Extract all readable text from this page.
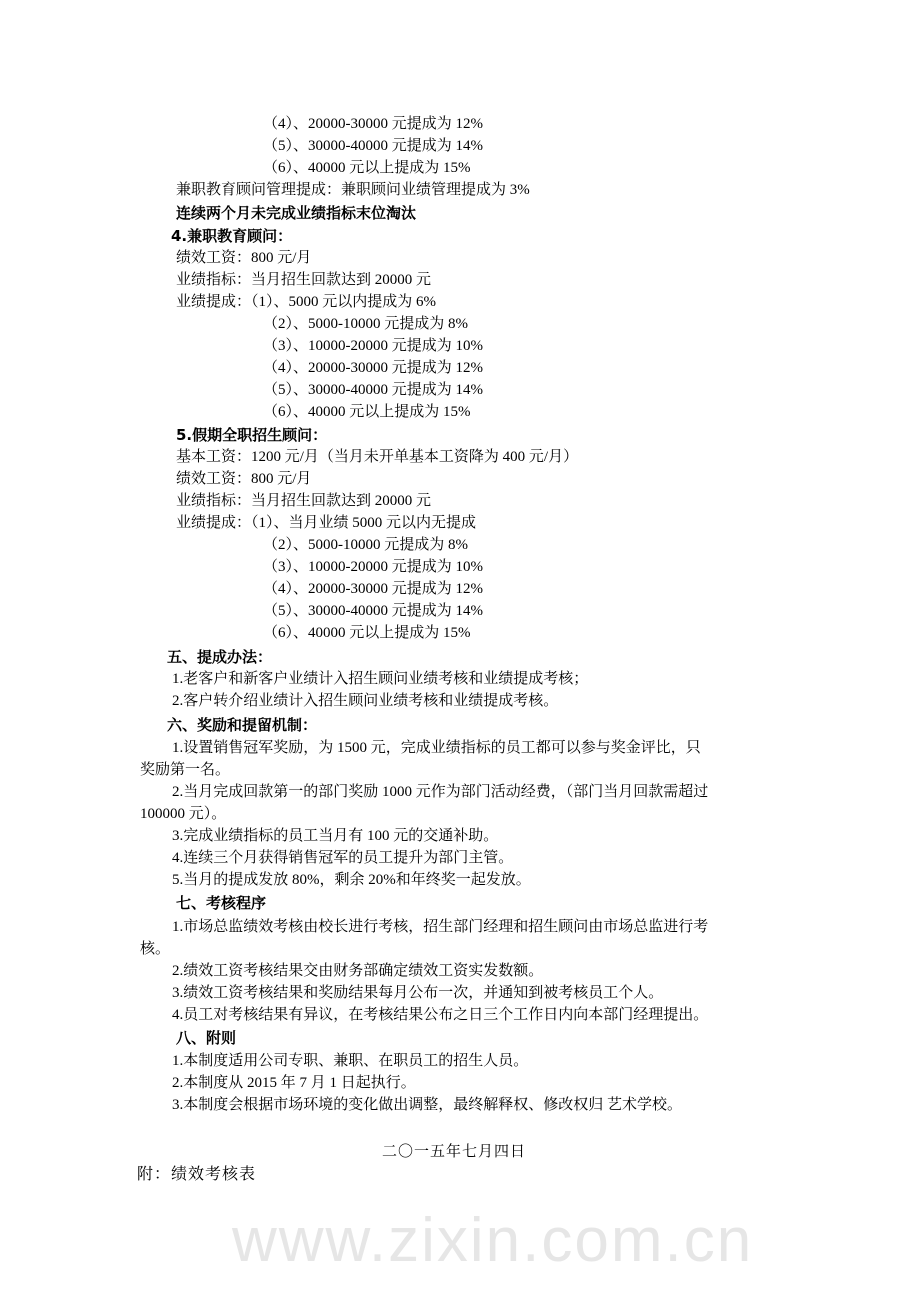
www.zixin.com.cn
（4）、20000-30000 元提成为 12%
（5）、30000-40000 元提成为 14%
（6）、40000 元以上提成为 15%
兼职教育顾问管理提成：兼职顾问业绩管理提成为 3%
连续两个月未完成业绩指标末位淘汰
4.兼职教育顾问：
绩效工资：800 元/月
业绩指标：当月招生回款达到 20000 元
业绩提成：（1）、5000 元以内提成为 6%
（2）、5000-10000 元提成为 8%
（3）、10000-20000 元提成为 10%
（4）、20000-30000 元提成为 12%
（5）、30000-40000 元提成为 14%
（6）、40000 元以上提成为 15%
5.假期全职招生顾问：
基本工资：1200 元/月（当月未开单基本工资降为 400 元/月）
绩效工资：800 元/月
业绩指标：当月招生回款达到 20000 元
业绩提成：（1）、当月业绩 5000 元以内无提成
（2）、5000-10000 元提成为 8%
（3）、10000-20000 元提成为 10%
（4）、20000-30000 元提成为 12%
（5）、30000-40000 元提成为 14%
（6）、40000 元以上提成为 15%
五、提成办法：
1.老客户和新客户业绩计入招生顾问业绩考核和业绩提成考核；
2.客户转介绍业绩计入招生顾问业绩考核和业绩提成考核。
六、奖励和提留机制：
1.设置销售冠军奖励，为 1500 元，完成业绩指标的员工都可以参与奖金评比，只
奖励第一名。
2.当月完成回款第一的部门奖励 1000 元作为部门活动经费，（部门当月回款需超过
100000 元）。
3.完成业绩指标的员工当月有 100 元的交通补助。
4.连续三个月获得销售冠军的员工提升为部门主管。
5.当月的提成发放 80%，剩余 20%和年终奖一起发放。
七、考核程序
1.市场总监绩效考核由校长进行考核，招生部门经理和招生顾问由市场总监进行考
核。
2.绩效工资考核结果交由财务部确定绩效工资实发数额。
3.绩效工资考核结果和奖励结果每月公布一次，并通知到被考核员工个人。
4.员工对考核结果有异议，在考核结果公布之日三个工作日内向本部门经理提出。
八、附则
1.本制度适用公司专职、兼职、在职员工的招生人员。
2.本制度从 2015 年 7 月 1 日起执行。
3.本制度会根据市场环境的变化做出调整，最终解释权、修改权归 艺术学校。
二〇一五年七月四日
附：绩效考核表
